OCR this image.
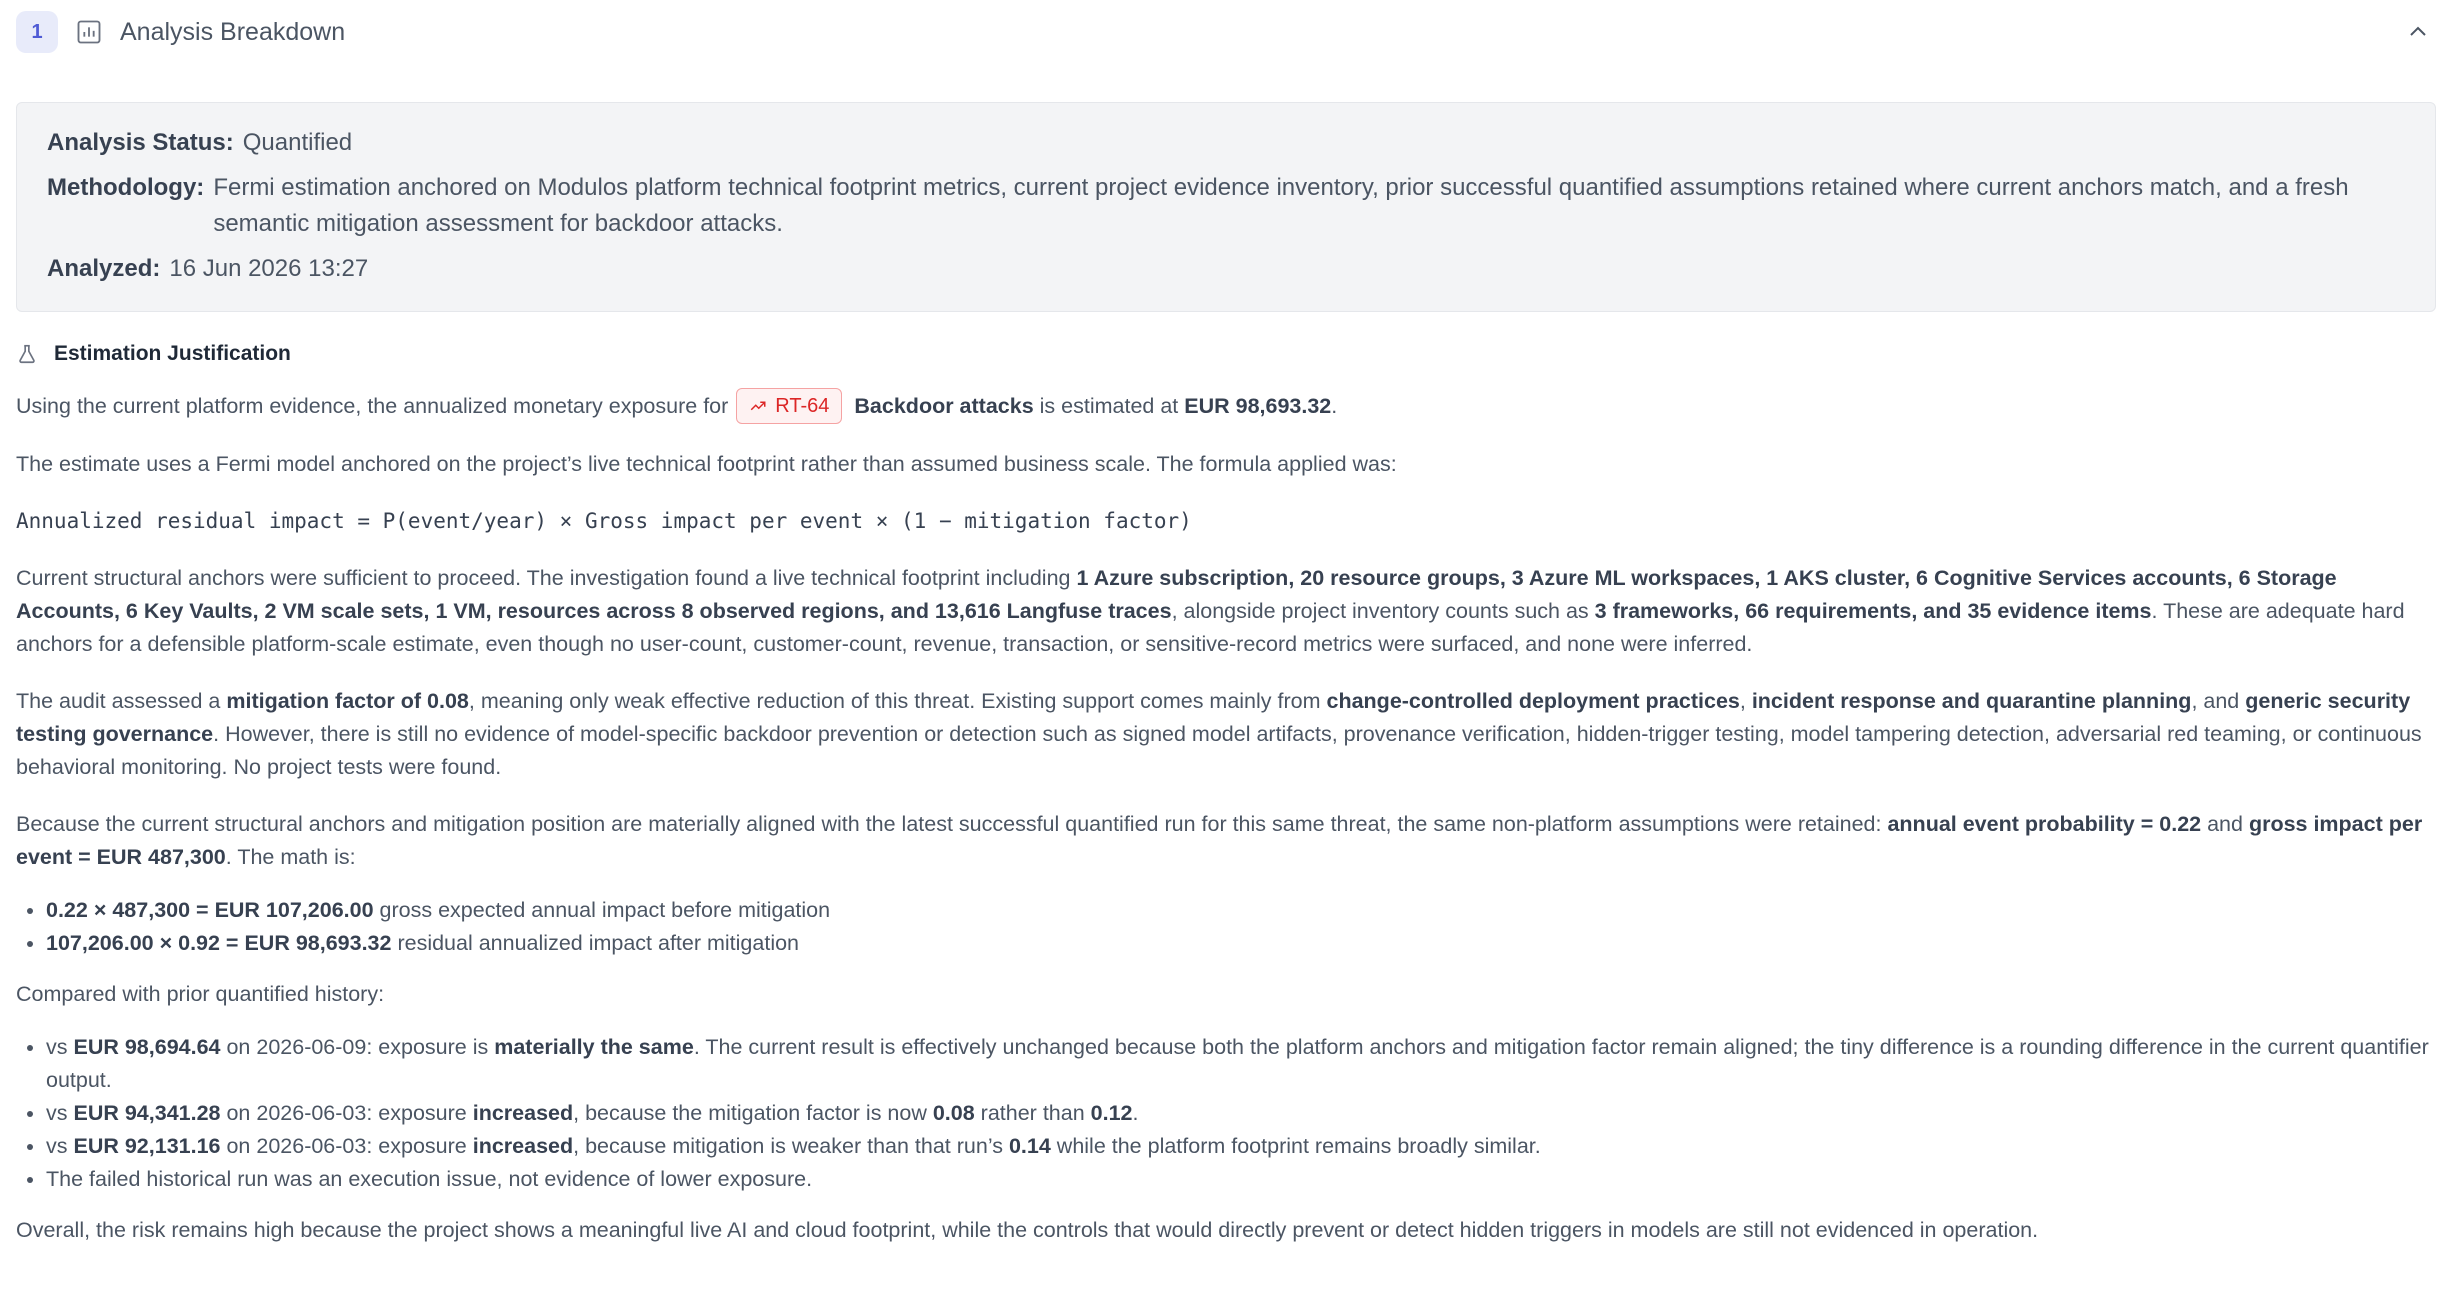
1	Analysis Breakdown
Analysis Status: Quantified
Methodology: Fermi estimation anchored on Modulos platform technical footprint metrics, current project evidence inventory, prior successful quantified assumptions retained where current anchors match, and a fresh semantic mitigation assessment for backdoor attacks.
Analyzed: 16 Jun 2026 13:27
Estimation Justification
Using the current platform evidence, the annualized monetary exposure for RT-64 Backdoor attacks
is estimated at
EUR 98,693.32 .
The estimate uses a Fermi model anchored on the project’s live technical footprint rather than assumed business scale. The formula applied was:
Annualized residual impact = P(event/year) × Gross impact per event × (1 − mitigation factor)
Current structural anchors were sufficient to proceed. The investigation found a live technical footprint including 1 Azure subscription, 20 resource groups, 3 Azure ML workspaces, 1 AKS cluster, 6 Cognitive Services accounts, 6 Storage Accounts, 6 Key Vaults, 2 VM scale sets, 1 VM, resources across 8 observed regions, and 13,616 Langfuse traces, alongside project inventory counts such as 3 frameworks, 66 requirements, and 35 evidence items. These are adequate hard anchors for a defensible platform-scale estimate, even though no user-count, customer-count, revenue, transaction, or sensitive-record metrics were surfaced, and none were inferred.
The audit assessed a mitigation factor of 0.08, meaning only weak effective reduction of this threat. Existing support comes mainly from change-controlled deployment practices, incident response and quarantine planning, and generic security testing governance. However, there is still no evidence of model-specific backdoor prevention or detection such as signed model artifacts, provenance verification, hidden-trigger testing, model tampering detection, adversarial red teaming, or continuous behavioral monitoring. No project tests were found.
Because the current structural anchors and mitigation position are materially aligned with the latest successful quantified run for this same threat, the same non-platform assumptions were retained: annual event probability = 0.22 and gross impact per event = EUR 487,300. The math is:
• 0.22 × 487,300 = EUR 107,206.00 gross expected annual impact before mitigation
• 107,206.00 × 0.92 = EUR 98,693.32 residual annualized impact after mitigation
Compared with prior quantified history:
• vs EUR 98,694.64 on 2026-06-09: exposure is materially the same. The current result is effectively unchanged because both the platform anchors and mitigation factor remain aligned; the tiny difference is a rounding difference in the current quantifier output.
• vs EUR 94,341.28 on 2026-06-03: exposure increased, because the mitigation factor is now 0.08 rather than 0.12.
• vs EUR 92,131.16 on 2026-06-03: exposure increased, because mitigation is weaker than that run’s 0.14 while the platform footprint remains broadly similar.
• The failed historical run was an execution issue, not evidence of lower exposure.
Overall, the risk remains high because the project shows a meaningful live AI and cloud footprint, while the controls that would directly prevent or detect hidden triggers in models are still not evidenced in operation.
